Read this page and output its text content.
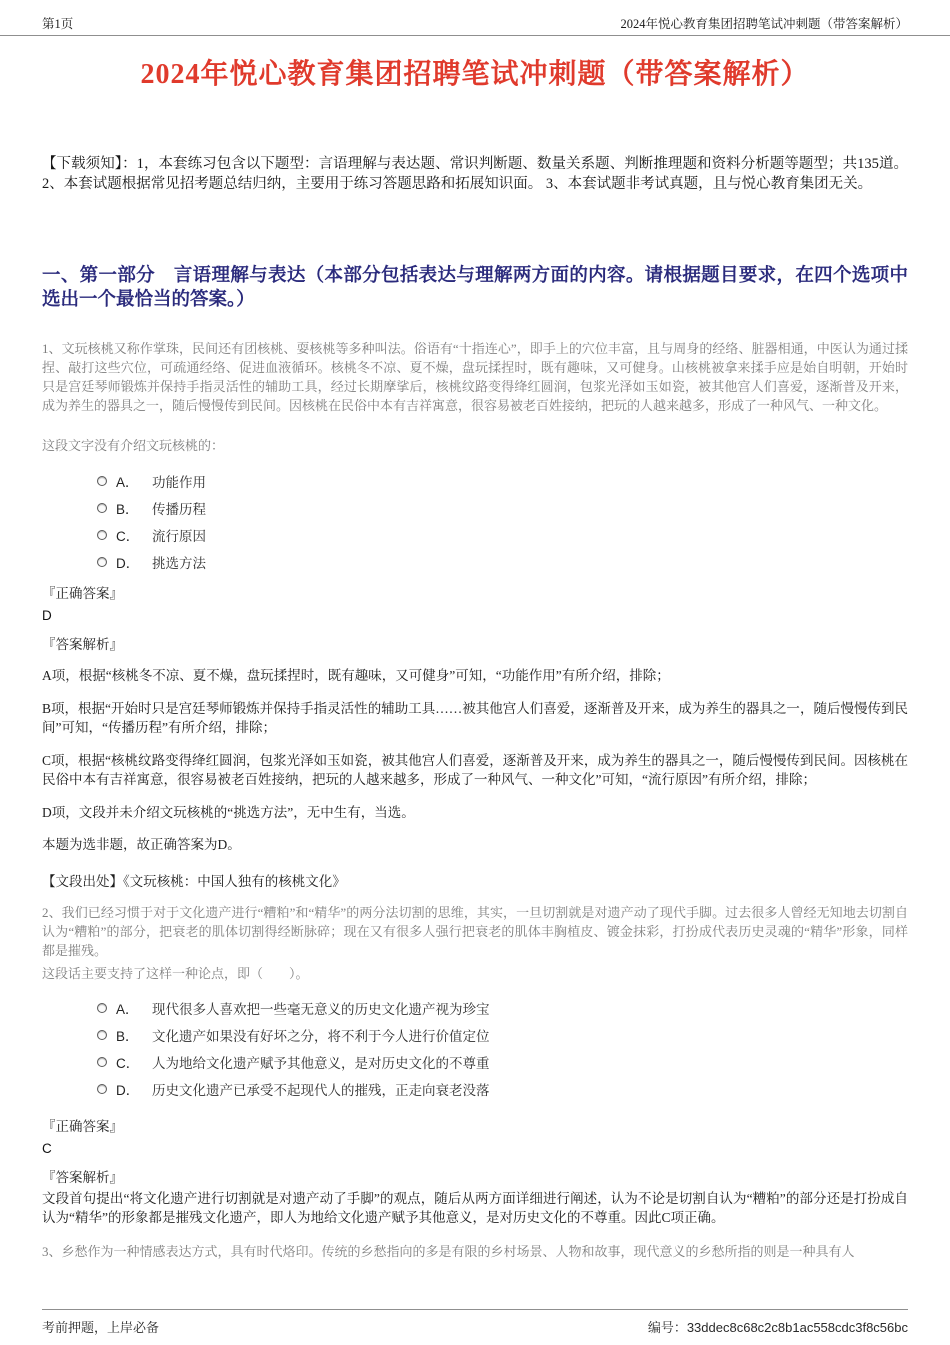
第1页	2024年悦心教育集团招聘笔试冲刺题（带答案解析）
2024年悦心教育集团招聘笔试冲刺题（带答案解析）

【下载须知】：1，本套练习包含以下题型：言语理解与表达题、常识判断题、数量关系题、判断推理题和资料分析题等题型；共135道。2、本套试题根据常见招考题总结归纳，主要用于练习答题思路和拓展知识面。 3、本套试题非考试真题，且与悦心教育集团无关。

一、第一部分　言语理解与表达（本部分包括表达与理解两方面的内容。请根据题目要求，在四个选项中选出一个最恰当的答案。）

1、文玩核桃又称作掌珠，民间还有团核桃、耍核桃等多种叫法。俗语有“十指连心”，即手上的穴位丰富，且与周身的经络、脏器相通，中医认为通过揉捏、敲打这些穴位，可疏通经络、促进血液循环。核桃冬不凉、夏不燥，盘玩揉捏时，既有趣味，又可健身。山核桃被拿来揉手应是始自明朝，开始时只是宫廷琴师锻炼并保持手指灵活性的辅助工具，经过长期摩挲后，核桃纹路变得绛红圆润，包浆光泽如玉如瓷，被其他宫人们喜爱，逐渐普及开来，成为养生的器具之一，随后慢慢传到民间。因核桃在民俗中本有吉祥寓意，很容易被老百姓接纳，把玩的人越来越多，形成了一种风气、一种文化。

这段文字没有介绍文玩核桃的：

A． 功能作用
B． 传播历程
C． 流行原因
D． 挑选方法

『正确答案』

D

『答案解析』

A项，根据“核桃冬不凉、夏不燥，盘玩揉捏时，既有趣味，又可健身”可知，“功能作用”有所介绍，排除；

B项，根据“开始时只是宫廷琴师锻炼并保持手指灵活性的辅助工具……被其他宫人们喜爱，逐渐普及开来，成为养生的器具之一，随后慢慢传到民间”可知，“传播历程”有所介绍，排除；

C项，根据“核桃纹路变得绛红圆润，包浆光泽如玉如瓷，被其他宫人们喜爱，逐渐普及开来，成为养生的器具之一，随后慢慢传到民间。因核桃在民俗中本有吉祥寓意，很容易被老百姓接纳，把玩的人越来越多，形成了一种风气、一种文化”可知，“流行原因”有所介绍，排除；

D项，文段并未介绍文玩核桃的“挑选方法”，无中生有，当选。

本题为选非题，故正确答案为D。

【文段出处】《文玩核桃：中国人独有的核桃文化》

2、我们已经习惯于对于文化遗产进行“糟粕”和“精华”的两分法切割的思维，其实，一旦切割就是对遗产动了现代手脚。过去很多人曾经无知地去切割自认为“糟粕”的部分，把衰老的肌体切割得经断脉碎；现在又有很多人强行把衰老的肌体丰胸植皮、镀金抹彩，打扮成代表历史灵魂的“精华”形象，同样都是摧残。

这段话主要支持了这样一种论点，即（　　）。

A． 现代很多人喜欢把一些毫无意义的历史文化遗产视为珍宝
B． 文化遗产如果没有好坏之分，将不利于今人进行价值定位
C． 人为地给文化遗产赋予其他意义，是对历史文化的不尊重
D． 历史文化遗产已承受不起现代人的摧残，正走向衰老没落

『正确答案』

C

『答案解析』

文段首句提出“将文化遗产进行切割就是对遗产动了手脚”的观点，随后从两方面详细进行阐述，认为不论是切割自认为“糟粕”的部分还是打扮成自认为“精华”的形象都是摧残文化遗产，即人为地给文化遗产赋予其他意义，是对历史文化的不尊重。因此C项正确。

3、乡愁作为一种情感表达方式，具有时代烙印。传统的乡愁指向的多是有限的乡村场景、人物和故事，现代意义的乡愁所指的则是一种具有人

考前押题，上岸必备	编号：33ddec8c68c2c8b1ac558cdc3f8c56bc
